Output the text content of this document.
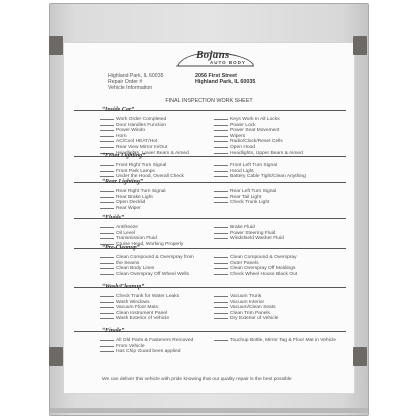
Highland Park, IL 60035
Repair Order #
Vehicle Information
Bojans
AUTO BODY
2056 First Street
Highland Park, IL 60035
FINAL INSPECTION WORK SHEET
“Inside Car”
Work Order Completed
Door Handles Function
Power Windo
Horn
AC/Cool HEAT/Hot
Rear View Mirror In/Out
Headlights, Lower Beam & Aimed
Keys Work In All Locks
Power Lock
Power Seat Movement
Wipers
Radio/Clock/Reset Cells
Open Hood
Headlights, Upper Beam & Aimed
“Front Lighting”
Front Right Turn Signal
Front Park Lamps
Under the Hood, Overall Check
Front Left Turn Signal
Hood Light
Battery Cable Tight/Clean Anything
“Rear Lighting”
Rear Right Turn Signal
Rear Brake Light
Open Decklid
Rear Wiper
Rear Left Turn Signal
Rear Tail Light
Check Trunk Light
“Fluids”
Antifreeze
Oil Level
Transmission Fluid
Cruise Head, Working Properly
Brake Fluid
Power Steering Fluid
Windshield Washer Fluid
“Pre-Cleanup”
Clean Compound & Overspray from
the Seams
Clean Body Lines
Clean Overspray Off Wheel Wells
Clean Compound & Overspray
Outer Panels
Clean Overspray Off Moldings
Check Wheel House Black Out
“Wash/Cleanup”
Check Trunk for Water Leaks
Wash Windows
Vacuum Floor Mats
Clean Instrument Panel
Wash Exterior of Vehicle
Vacuum Trunk
Vacuum Interior
Vacuum/Clean Seats
Clean Trim Panels
Dry Exterior of Vehicle
“Finale”
All Old Parts & Fasteners Removed
From Vehicle
Has Chip Guard been applied
Touchup Bottle, Mirror Tag & Floor Mat in Vehicle
We can deliver this vehicle with pride knowing that our quality repair is the best possible
